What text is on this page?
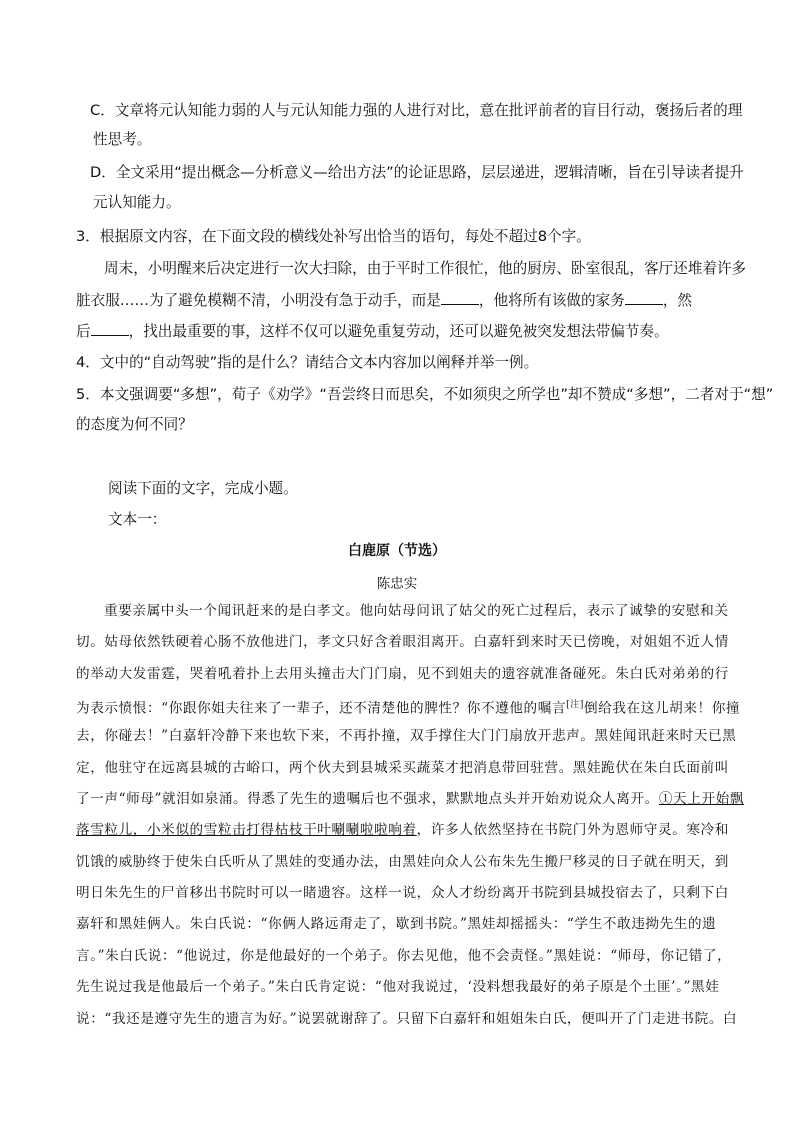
C．文章将元认知能力弱的人与元认知能力强的人进行对比，意在批评前者的盲目行动，褒扬后者的理
性思考。
D．全文采用“提出概念—分析意义—给出方法”的论证思路，层层递进，逻辑清晰，旨在引导读者提升
元认知能力。
3．根据原文内容，在下面文段的横线处补写出恰当的语句，每处不超过8个字。
周末，小明醒来后决定进行一次大扫除，由于平时工作很忙，他的厨房、卧室很乱，客厅还堆着许多
脏衣服……为了避免模糊不清，小明没有急于动手，而是	，他将所有该做的家务	，然
后	，找出最重要的事，这样不仅可以避免重复劳动，还可以避免被突发想法带偏节奏。
4．文中的“自动驾驶”指的是什么？请结合文本内容加以阐释并举一例。
5．本文强调要“多想”，荀子《劝学》“吾尝终日而思矣，不如须臾之所学也”却不赞成“多想”，二者对于“想”
的态度为何不同？
阅读下面的文字，完成小题。
文本一：
白鹿原（节选）
陈忠实
重要亲属中头一个闻讯赶来的是白孝文。他向姑母问讯了姑父的死亡过程后，表示了诚挚的安慰和关
切。姑母依然铁硬着心肠不放他进门，孝文只好含着眼泪离开。白嘉轩到来时天已傍晚，对姐姐不近人情
的举动大发雷霆，哭着吼着扑上去用头撞击大门门扇，见不到姐夫的遗容就准备碰死。朱白氏对弟弟的行
为表示愤恨：“你跟你姐夫往来了一辈子，还不清楚他的脾性？你不遵他的嘱言[注]倒给我在这儿胡来！你撞
去，你碰去！”白嘉轩冷静下来也软下来，不再扑撞，双手撑住大门门扇放开悲声。黑娃闻讯赶来时天已黑
定，他驻守在远离县城的古峪口，两个伙夫到县城采买蔬菜才把消息带回驻营。黑娃跪伏在朱白氏面前叫
了一声“师母”就泪如泉涌。得悉了先生的遗嘱后也不强求，默默地点头并开始劝说众人离开。①天上开始飘
落雪粒儿，小米似的雪粒击打得枯枝干叶唰唰啦啦响着，许多人依然坚持在书院门外为恩师守灵。寒冷和
饥饿的威胁终于使朱白氏听从了黑娃的变通办法，由黑娃向众人公布朱先生搬尸移灵的日子就在明天，到
明日朱先生的尸首移出书院时可以一睹遗容。这样一说，众人才纷纷离开书院到县城投宿去了，只剩下白
嘉轩和黑娃俩人。朱白氏说：“你俩人路远甭走了，歇到书院。”黑娃却摇摇头：“学生不敢违拗先生的遗
言。”朱白氏说：“他说过，你是他最好的一个弟子。你去见他，他不会责怪。”黑娃说：“师母，你记错了，
先生说过我是他最后一个弟子。”朱白氏肯定说：“他对我说过，‘没料想我最好的弟子原是个土匪’。”黑娃
说：“我还是遵守先生的遗言为好。”说罢就谢辞了。只留下白嘉轩和姐姐朱白氏，便叫开了门走进书院。白
